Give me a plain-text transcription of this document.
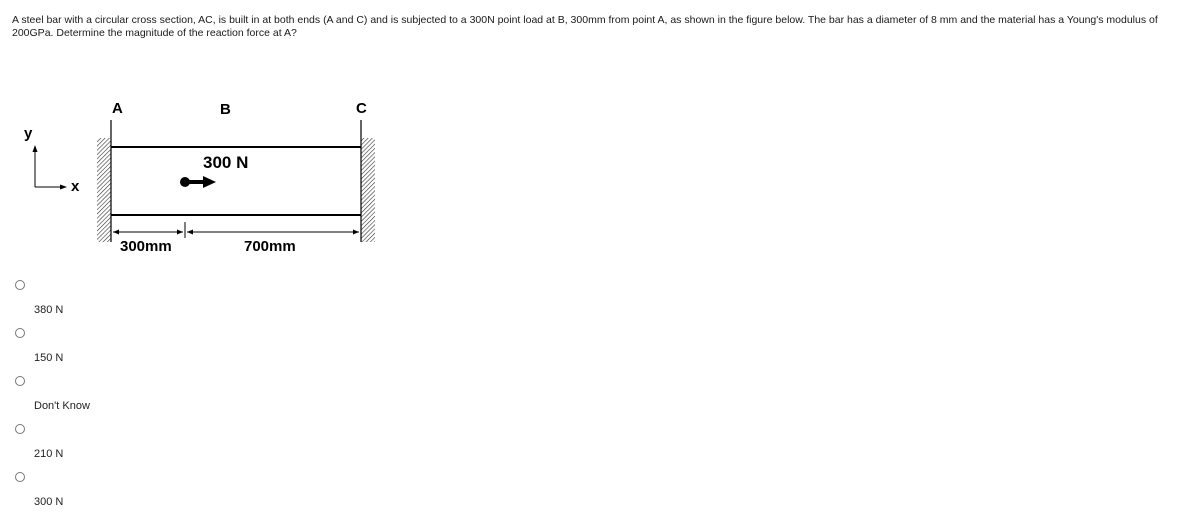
A steel bar with a circular cross section, AC, is built in at both ends (A and C) and is subjected to a 300N point load at B, 300mm from point A, as shown in the figure below. The bar has a diameter of 8 mm and the material has a Young's modulus of 200GPa. Determine the magnitude of the reaction force at A?
A	B	C
y
x
300 N
300mm	700mm
380 N
150 N
Don't Know
210 N
300 N
